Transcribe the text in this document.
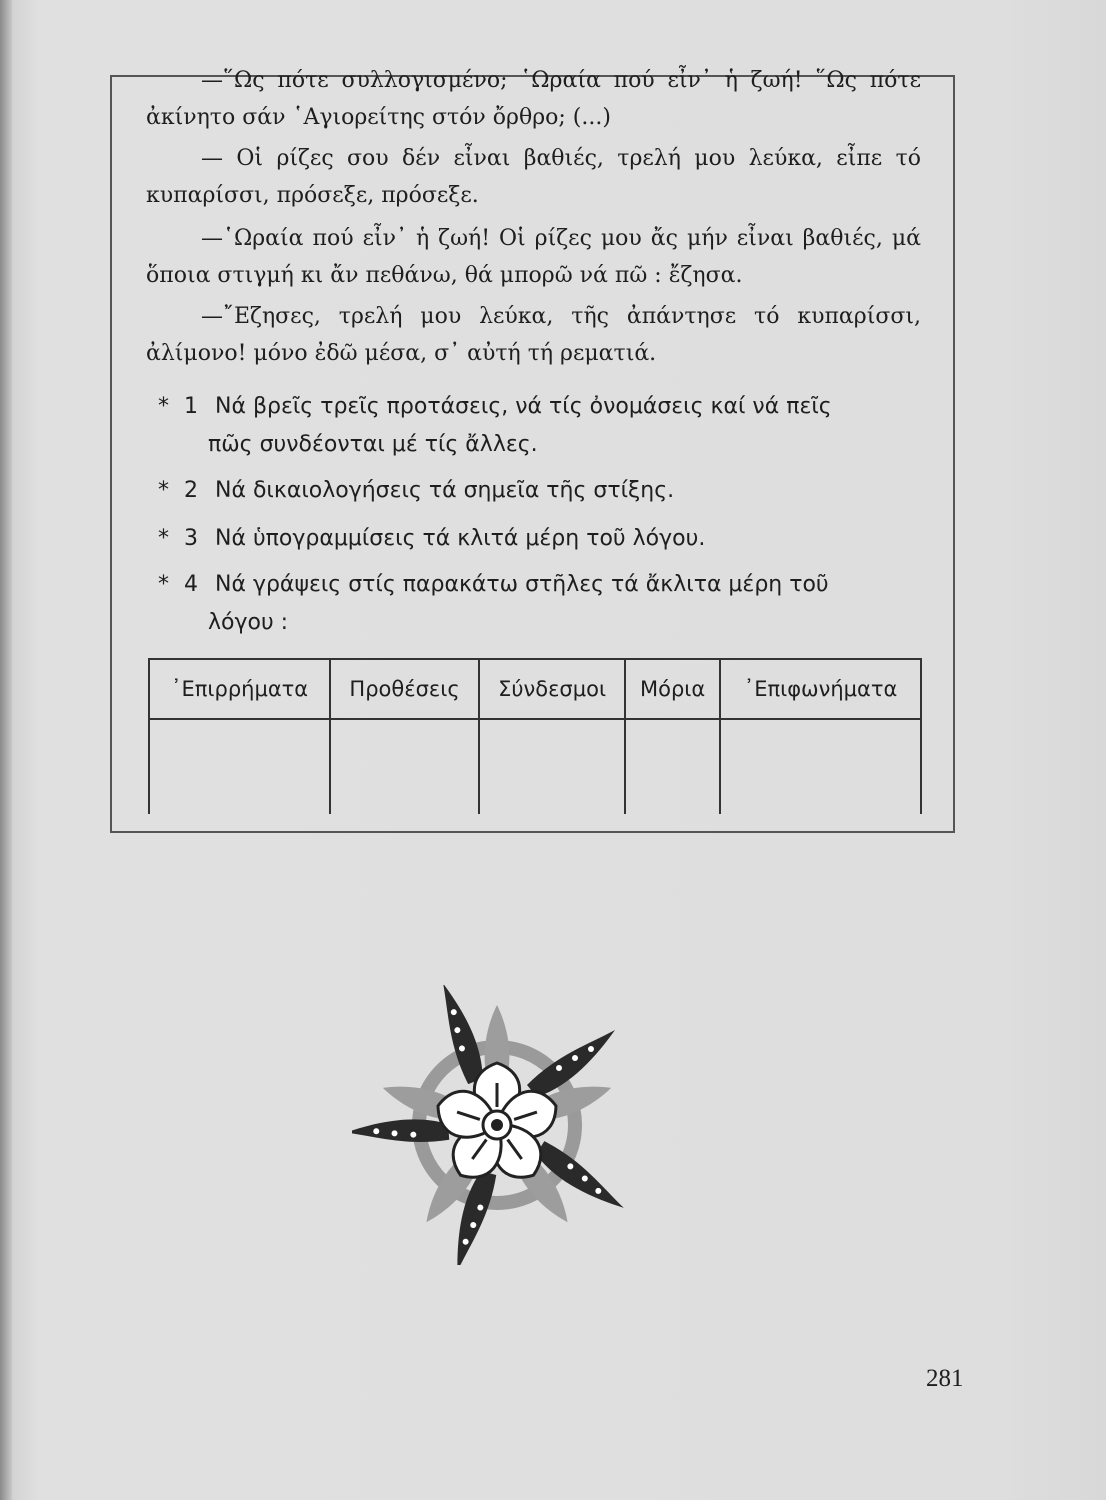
—῞Ως πότε συλλογισμένο; ῾Ωραία πού εἶν᾿ ἡ ζωή! ῞Ως πότε ἀκίνητο σάν ῾Αγιορείτης στόν ὄρθρο; (...)

— Οἱ ρίζες σου δέν εἶναι βαθιές, τρελή μου λεύκα, εἶπε τό κυπαρίσσι, πρόσεξε, πρόσεξε.

—῾Ωραία πού εἶν᾿ ἡ ζωή! Οἱ ρίζες μου ἄς μήν εἶναι βαθιές, μά ὅποια στιγμή κι ἄν πεθάνω, θά μπορῶ νά πῶ : ἔζησα.

—῎Εζησες, τρελή μου λεύκα, τῆς ἀπάντησε τό κυπαρίσσι, ἀλίμονο! μόνο ἐδῶ μέσα, σ᾿ αὐτή τή ρεματιά.

* 1 Νά βρεῖς τρεῖς προτάσεις, νά τίς ὀνομάσεις καί νά πεῖς
πῶς συνδέονται μέ τίς ἄλλες.
* 2 Νά δικαιολογήσεις τά σημεῖα τῆς στίξης.
* 3 Νά ὑπογραμμίσεις τά κλιτά μέρη τοῦ λόγου.
* 4 Νά γράψεις στίς παρακάτω στῆλες τά ἄκλιτα μέρη τοῦ
λόγου :
᾿Επιρρήματα	Προθέσεις	Σύνδεσμοι	Μόρια	᾿Επιφωνήματα

281
